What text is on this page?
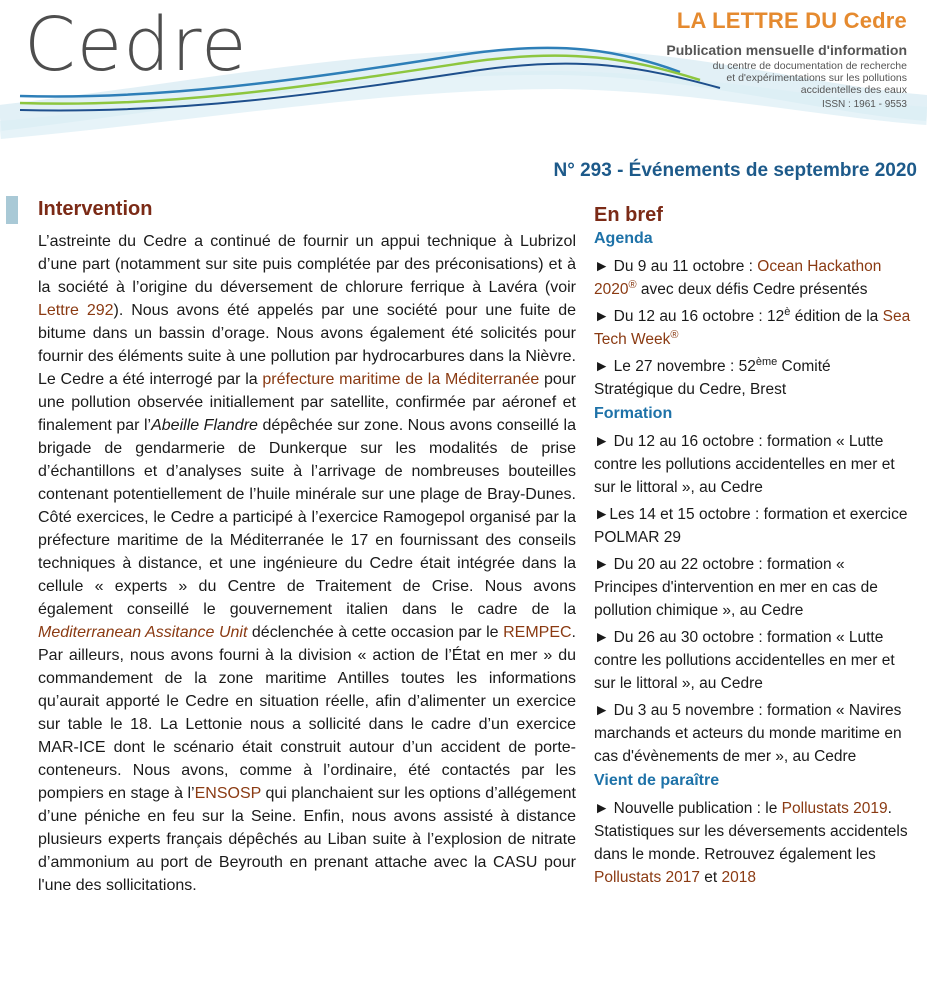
Cedre	LA LETTRE DU Cedre
Publication mensuelle d'information
du centre de documentation de recherche
et d'expérimentations sur les pollutions
accidentelles des eaux
ISSN : 1961 - 9553
N° 293 - Événements de septembre 2020
Intervention
L’astreinte du Cedre a continué de fournir un appui technique à Lubrizol d’une part (notamment sur site puis complétée par des préconisations) et à la société à l’origine du déversement de chlorure ferrique à Lavéra (voir Lettre 292). Nous avons été appelés par une société pour une fuite de bitume dans un bassin d’orage. Nous avons également été solicités pour fournir des éléments suite à une pollution par hydrocarbures dans la Nièvre. Le Cedre a été interrogé par la préfecture maritime de la Méditerranée pour une pollution observée initiallement par satellite, confirmée par aéronef et finalement par l’Abeille Flandre dépêchée sur zone. Nous avons conseillé la brigade de gendarmerie de Dunkerque sur les modalités de prise d’échantillons et d’analyses suite à l’arrivage de nombreuses bouteilles contenant potentiellement de l’huile minérale sur une plage de Bray-Dunes. Côté exercices, le Cedre a participé à l’exercice Ramogepol organisé par la préfecture maritime de la Méditerranée le 17 en fournissant des conseils techniques à distance, et une ingénieure du Cedre était intégrée dans la cellule « experts » du Centre de Traitement de Crise. Nous avons également conseillé le gouvernement italien dans le cadre de la Mediterranean Assitance Unit déclenchée à cette occasion par le REMPEC. Par ailleurs, nous avons fourni à la division « action de l’État en mer » du commandement de la zone maritime Antilles toutes les informations qu’aurait apporté le Cedre en situation réelle, afin d’alimenter un exercice sur table le 18. La Lettonie nous a sollicité dans le cadre d’un exercice MAR-ICE dont le scénario était construit autour d’un accident de porte-conteneurs. Nous avons, comme à l’ordinaire, été contactés par les pompiers en stage à l’ENSOSP qui planchaient sur les options d’allégement d’une péniche en feu sur la Seine. Enfin, nous avons assisté à distance plusieurs experts français dépêchés au Liban suite à l’explosion de nitrate d’ammonium au port de Beyrouth en prenant attache avec la CASU pour l'une des sollicitations.
En bref
Agenda
► Du 9 au 11 octobre : Ocean Hackathon 2020® avec deux défis Cedre présentés
► Du 12 au 16 octobre : $12^è$ édition de la Sea Tech Week®
► Le 27 novembre : 52ème Comité Stratégique du Cedre, Brest
Formation
► Du 12 au 16 octobre : formation « Lutte contre les pollutions accidentelles en mer et sur le littoral », au Cedre
►Les 14 et 15 octobre : formation et exercice POLMAR 29
► Du 20 au 22 octobre : formation « Principes d'intervention en mer en cas de pollution chimique », au Cedre
► Du 26 au 30 octobre : formation « Lutte contre les pollutions accidentelles en mer et sur le littoral », au Cedre
► Du 3 au 5 novembre : formation « Navires marchands et acteurs du monde maritime en cas d'évènements de mer », au Cedre
Vient de paraître
► Nouvelle publication : le Pollustats 2019. Statistiques sur les déversements accidentels dans le monde. Retrouvez également les Pollustats 2017 et 2018
